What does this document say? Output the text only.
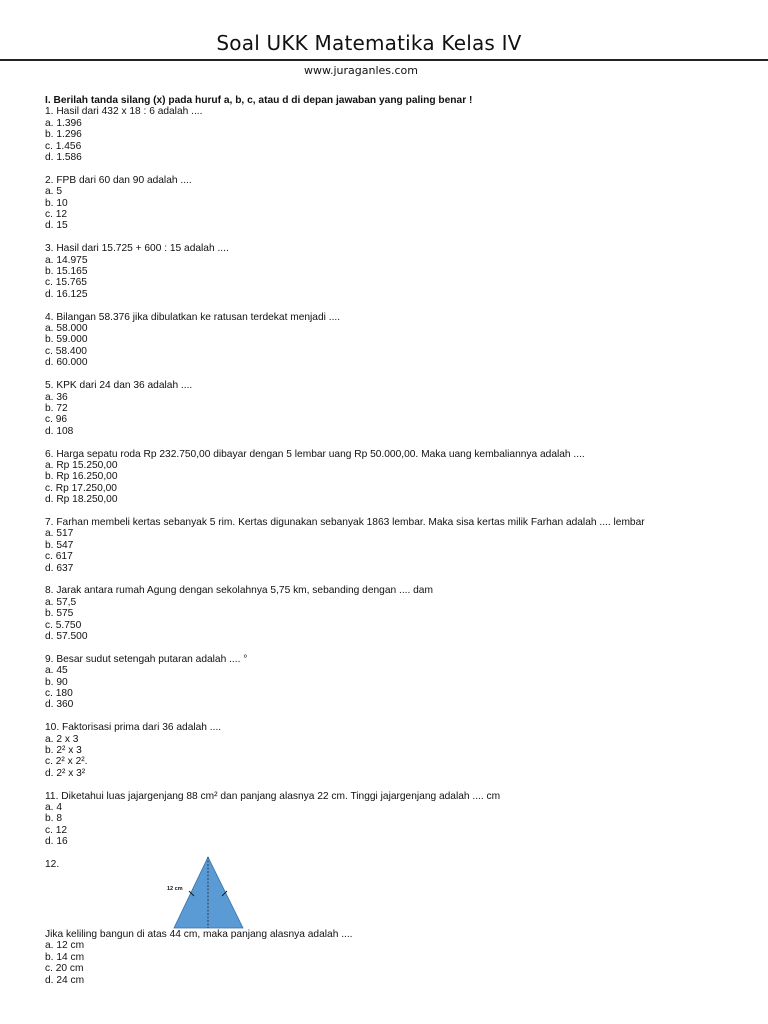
Soal UKK Matematika Kelas IV
www.juraganles.com
I. Berilah tanda silang (x) pada huruf a, b, c, atau d di depan jawaban yang paling benar !
1. Hasil dari 432 x 18 : 6 adalah ....
a. 1.396
b. 1.296
c. 1.456
d. 1.586
2. FPB dari 60 dan 90 adalah ....
a. 5
b. 10
c. 12
d. 15
3. Hasil dari 15.725 + 600 : 15 adalah ....
a. 14.975
b. 15.165
c. 15.765
d. 16.125
4. Bilangan 58.376 jika dibulatkan ke ratusan terdekat menjadi ....
a. 58.000
b. 59.000
c. 58.400
d. 60.000
5. KPK dari 24 dan 36 adalah ....
a. 36
b. 72
c. 96
d. 108
6. Harga sepatu roda Rp 232.750,00 dibayar dengan 5 lembar uang Rp 50.000,00. Maka uang kembaliannya adalah ....
a. Rp 15.250,00
b. Rp 16.250,00
c. Rp 17.250,00
d. Rp 18.250,00
7. Farhan membeli kertas sebanyak 5 rim. Kertas digunakan sebanyak 1863 lembar. Maka sisa kertas milik Farhan adalah .... lembar
a. 517
b. 547
c. 617
d. 637
8. Jarak antara rumah Agung dengan sekolahnya 5,75 km, sebanding dengan .... dam
a. 57,5
b. 575
c. 5.750
d. 57.500
9. Besar sudut setengah putaran adalah .... °
a. 45
b. 90
c. 180
d. 360
10. Faktorisasi prima dari 36 adalah ....
a. 2 x 3
b. 2² x 3
c. 2² x 2².
d. 2² x 3²
11. Diketahui luas jajargenjang 88 cm² dan panjang alasnya 22 cm. Tinggi jajargenjang adalah .... cm
a. 4
b. 8
c. 12
d. 16
12.
12 cm
Jika keliling bangun di atas 44 cm, maka panjang alasnya adalah ....
a. 12 cm
b. 14 cm
c. 20 cm
d. 24 cm
